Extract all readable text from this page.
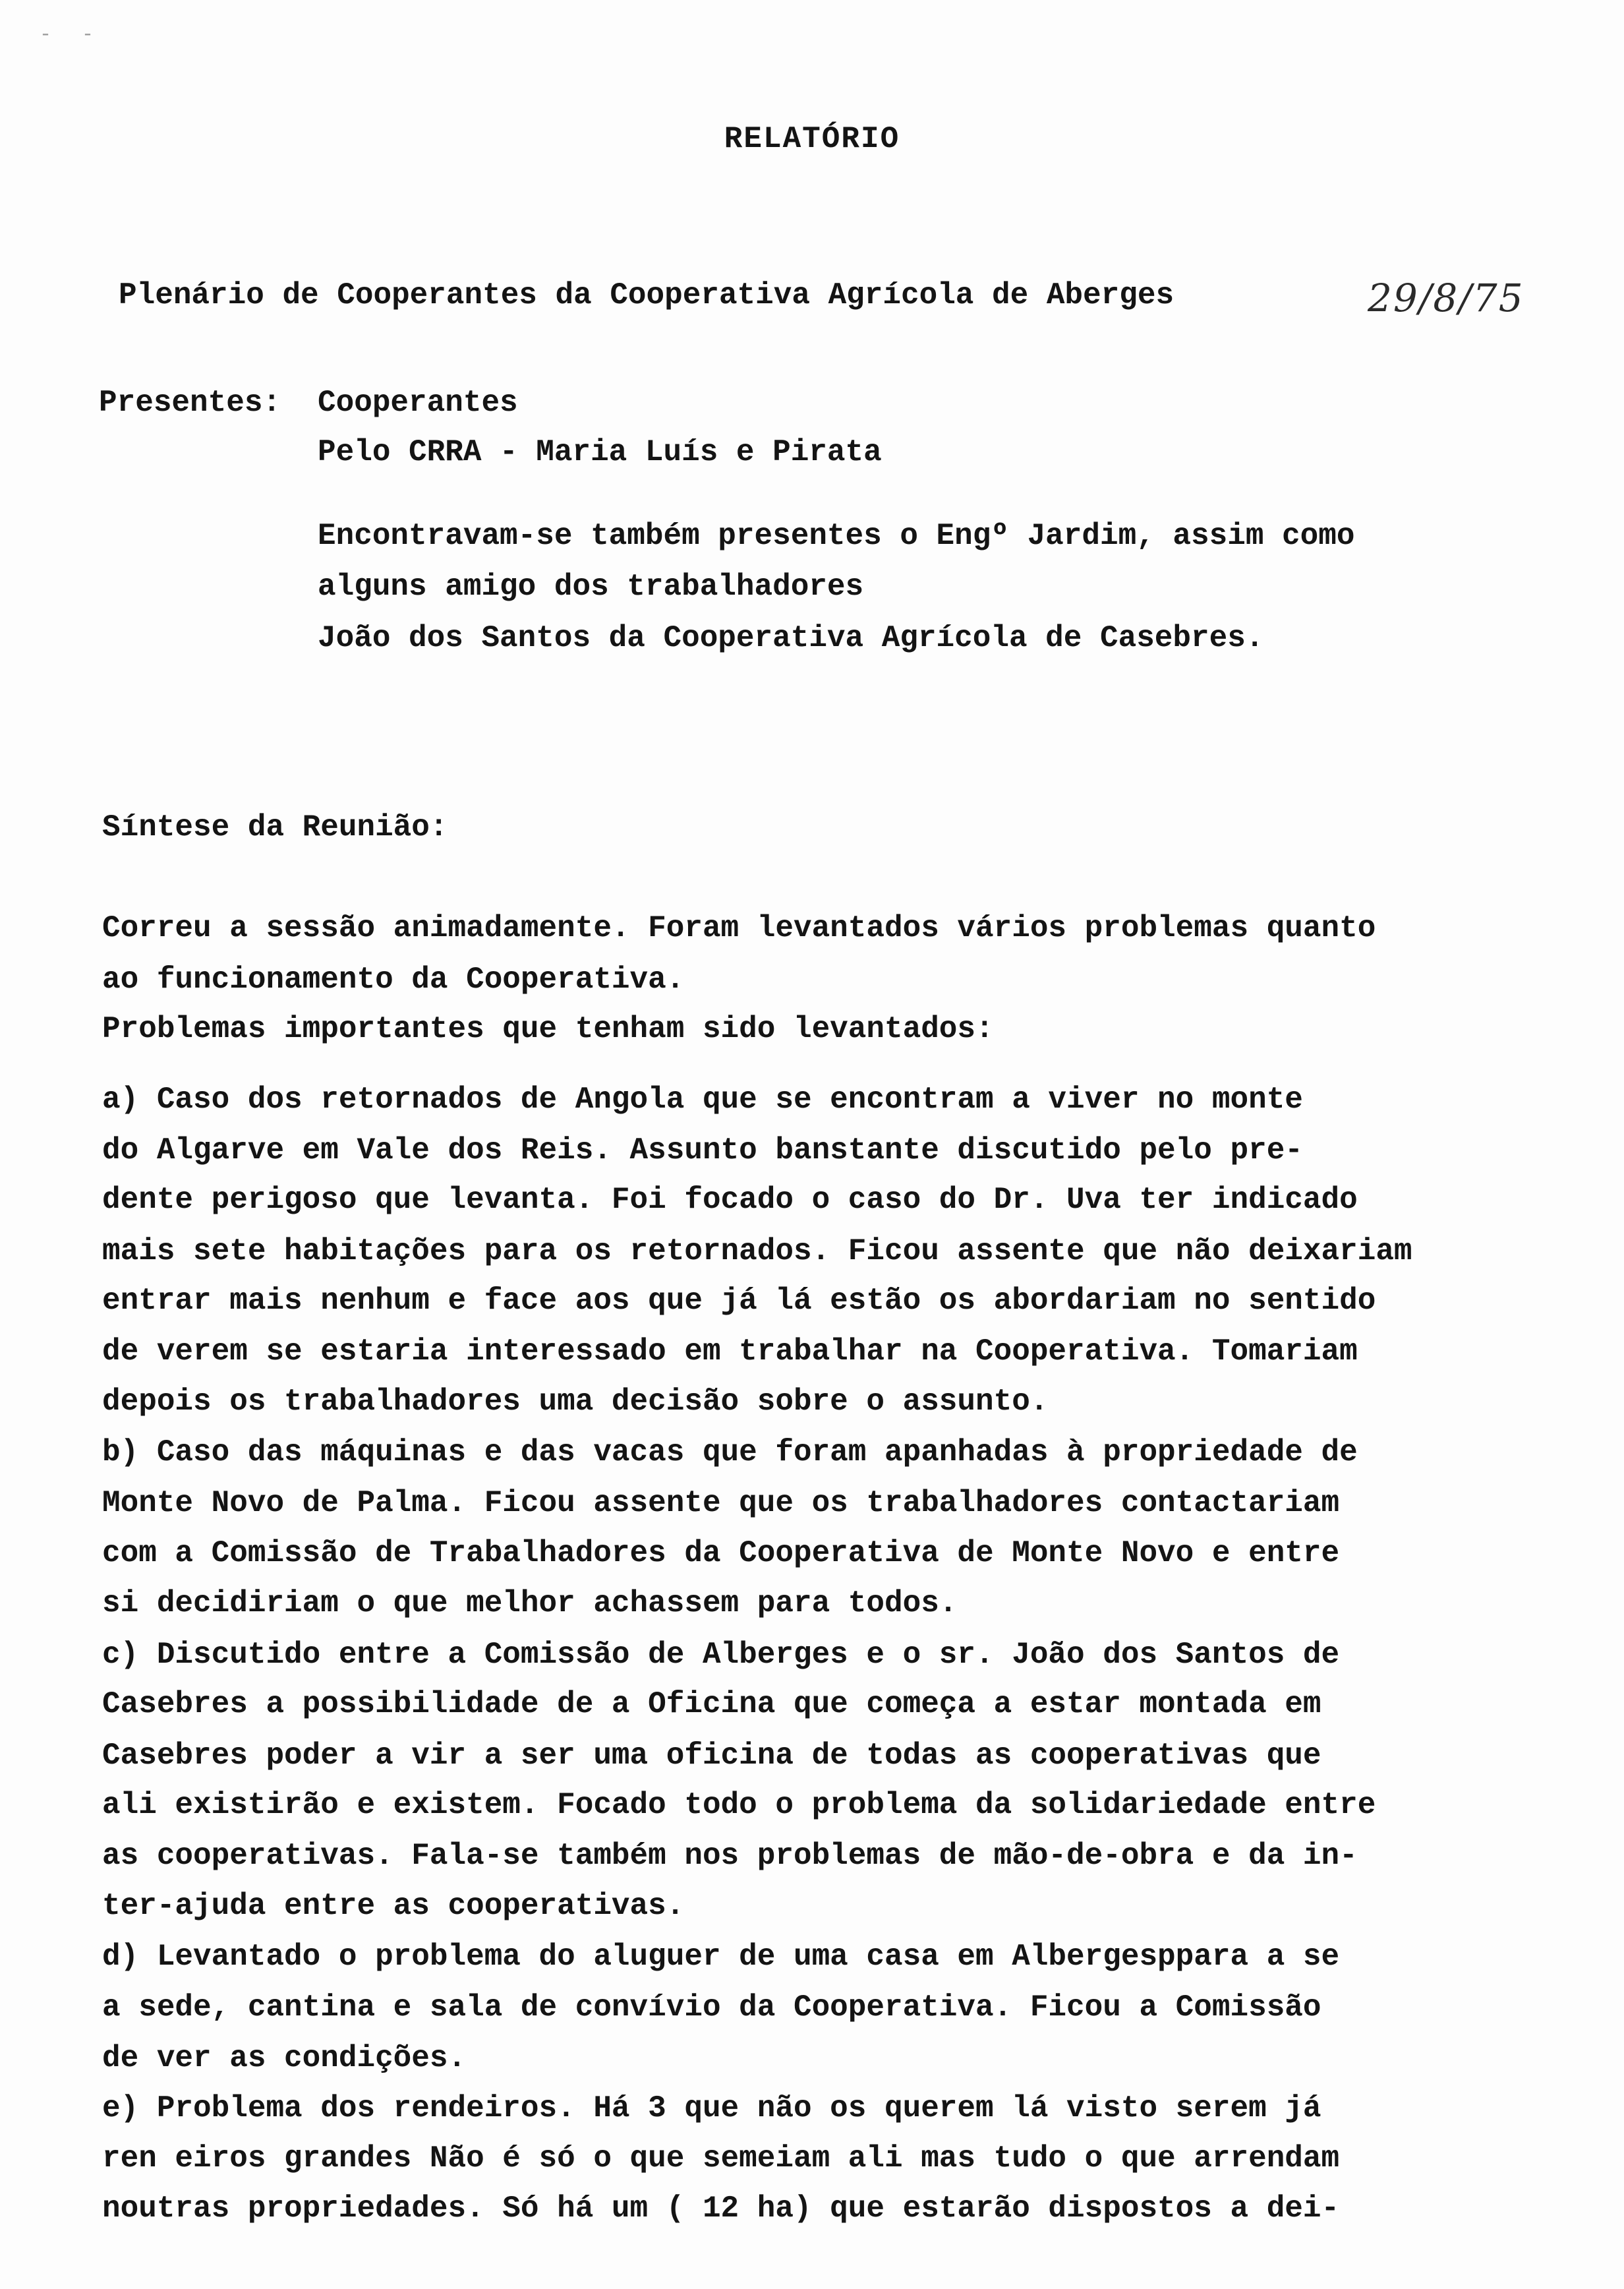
- -
RELATÓRIO
Plenário de Cooperantes da Cooperativa Agrícola de Aberges	29/8/75
Presentes: Cooperantes
Pelo CRRA - Maria Luís e Pirata
Encontravam-se também presentes o Engº Jardim, assim como
alguns amigo dos trabalhadores
João dos Santos da Cooperativa Agrícola de Casebres.
Síntese da Reunião:
Correu a sessão animadamente. Foram levantados vários problemas quanto
ao funcionamento da Cooperativa.
Problemas importantes que tenham sido levantados:
a) Caso dos retornados de Angola que se encontram a viver no monte
do Algarve em Vale dos Reis. Assunto banstante discutido pelo pre-
dente perigoso que levanta. Foi focado o caso do Dr. Uva ter indicado
mais sete habitações para os retornados. Ficou assente que não deixariam
entrar mais nenhum e face aos que já lá estão os abordariam no sentido
de verem se estaria interessado em trabalhar na Cooperativa. Tomariam
depois os trabalhadores uma decisão sobre o assunto.
b) Caso das máquinas e das vacas que foram apanhadas à propriedade de
Monte Novo de Palma. Ficou assente que os trabalhadores contactariam
com a Comissão de Trabalhadores da Cooperativa de Monte Novo e entre
si decidiriam o que melhor achassem para todos.
c) Discutido entre a Comissão de Alberges e o sr. João dos Santos de
Casebres a possibilidade de a Oficina que começa a estar montada em
Casebres poder a vir a ser uma oficina de todas as cooperativas que
ali existirão e existem. Focado todo o problema da solidariedade entre
as cooperativas. Fala-se também nos problemas de mão-de-obra e da in-
ter-ajuda entre as cooperativas.
d) Levantado o problema do aluguer de uma casa em Albergesppara a se
a sede, cantina e sala de convívio da Cooperativa. Ficou a Comissão
de ver as condições.
e) Problema dos rendeiros. Há 3 que não os querem lá visto serem já
ren eiros grandes Não é só o que semeiam ali mas tudo o que arrendam
noutras propriedades. Só há um ( 12 ha) que estarão dispostos a dei-
